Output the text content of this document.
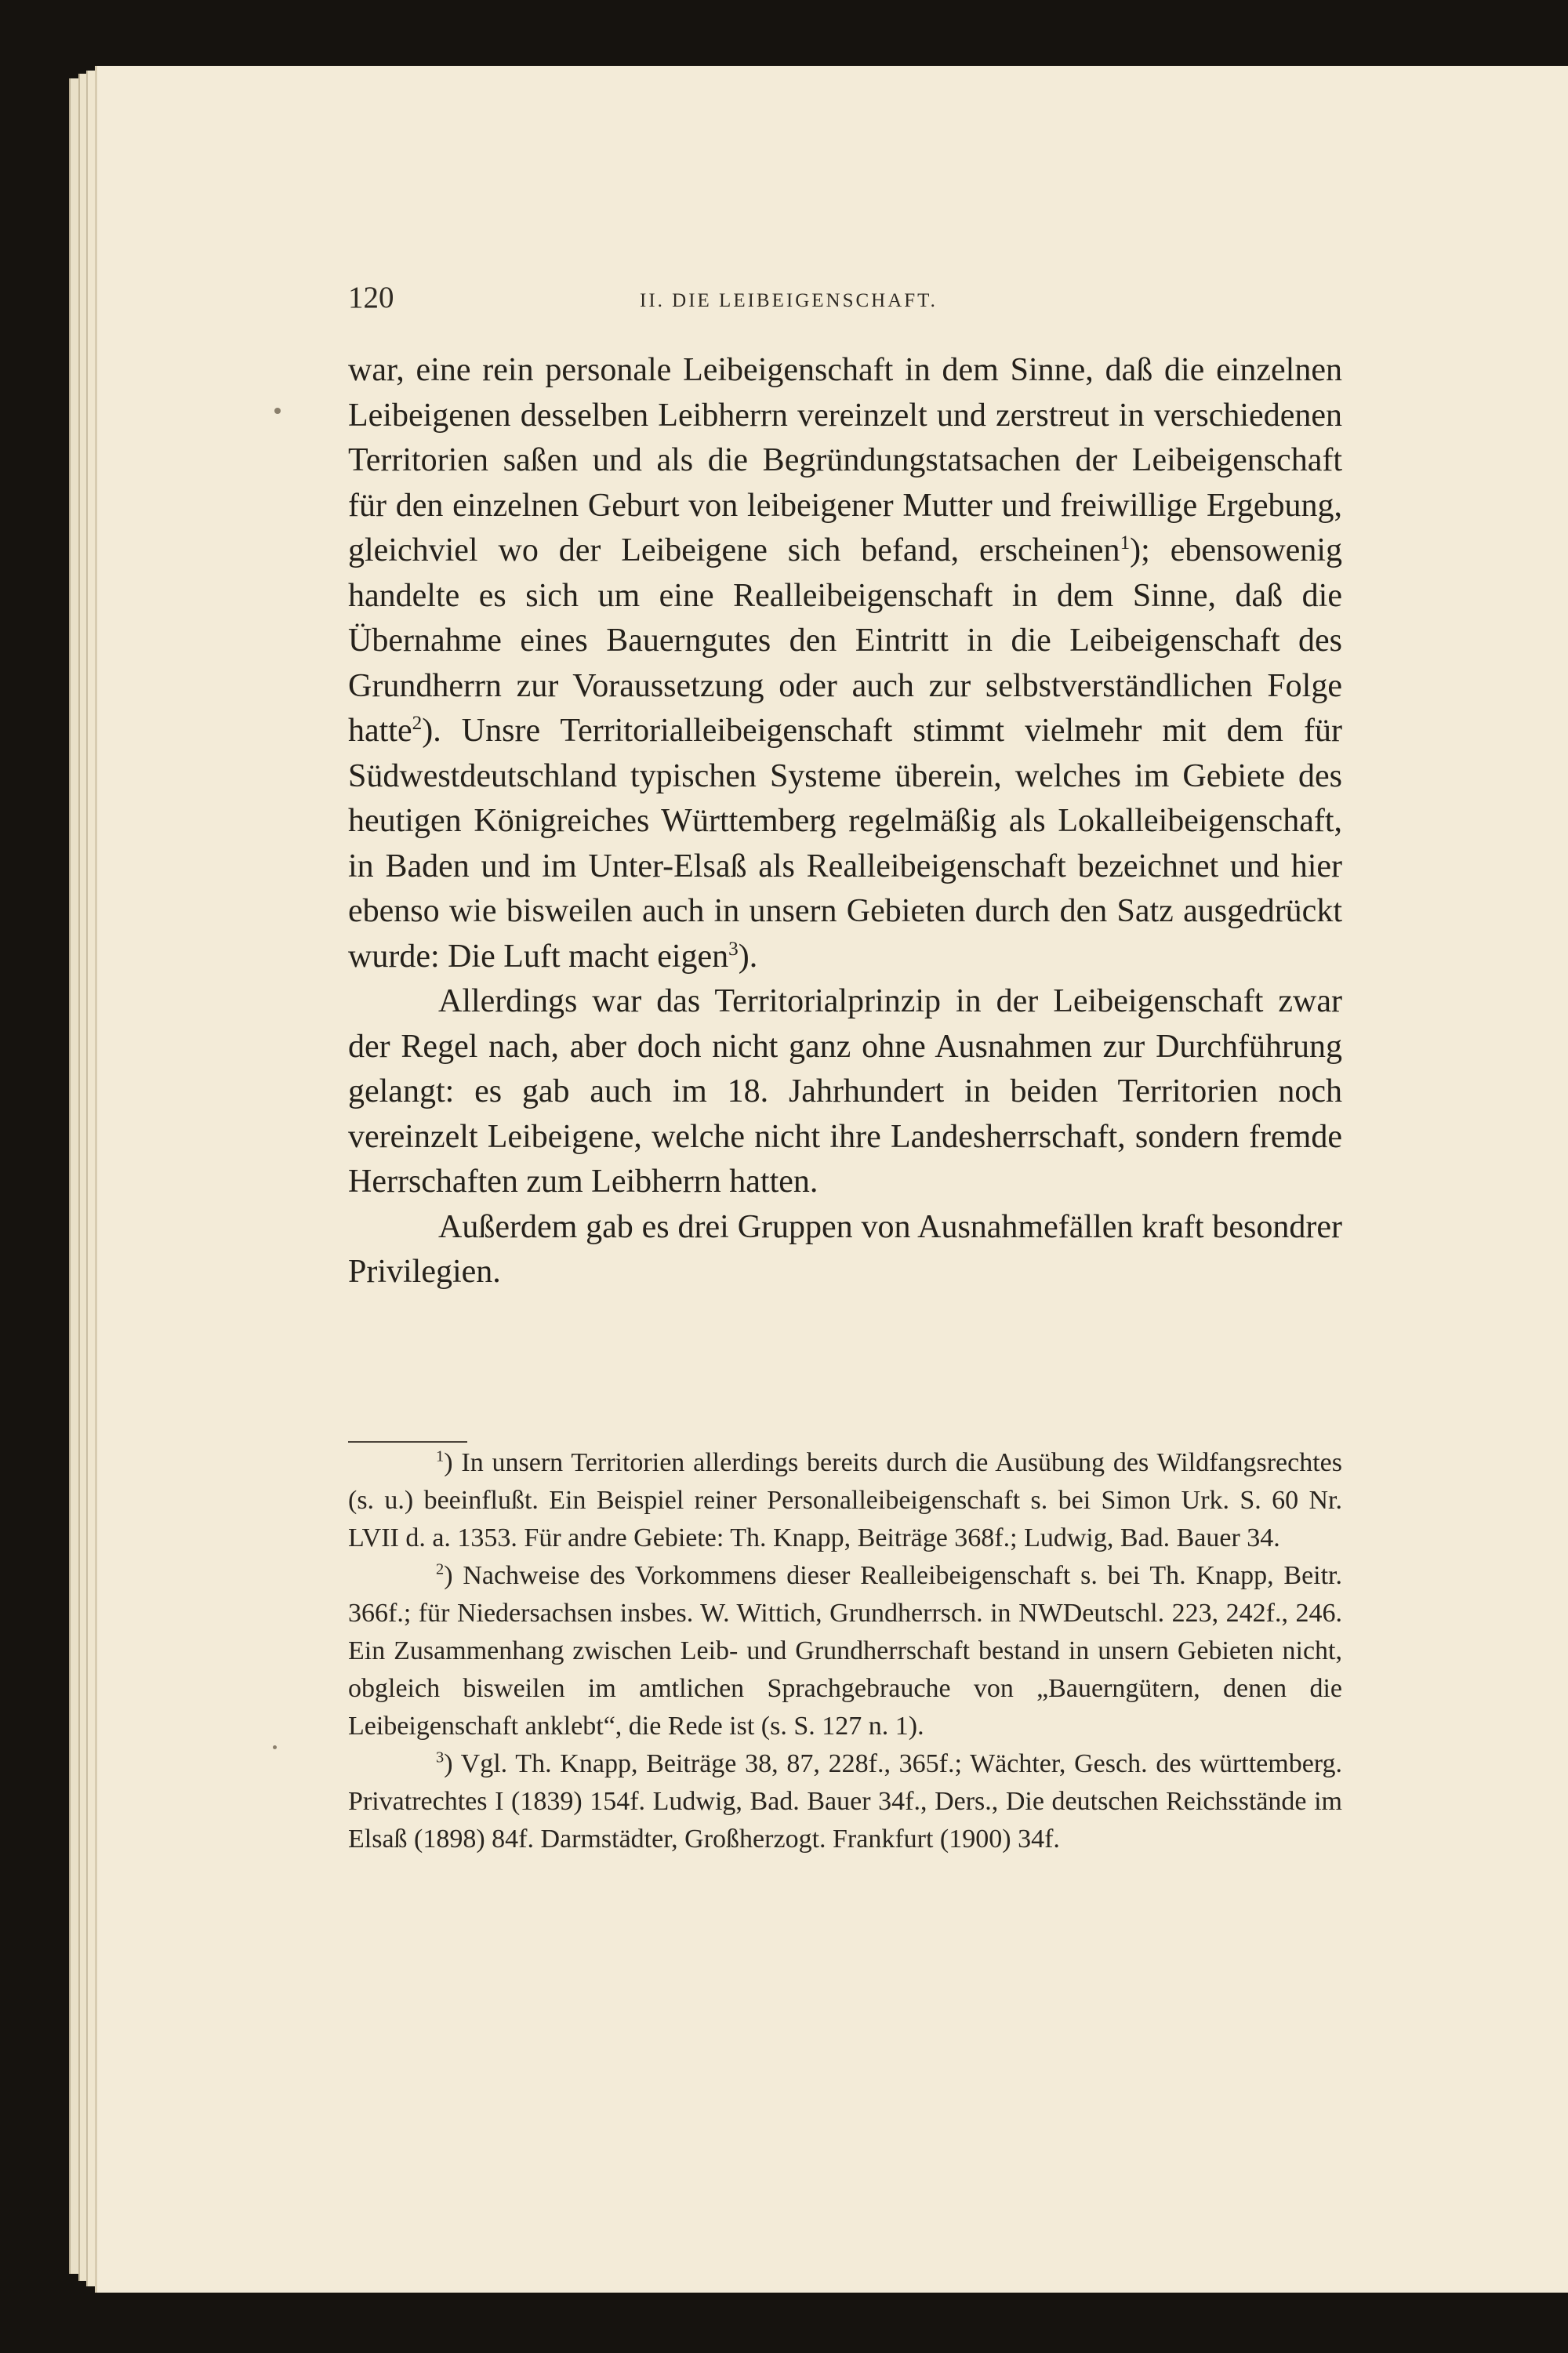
120	II. DIE LEIBEIGENSCHAFT.

war, eine rein personale Leibeigenschaft in dem Sinne, daß die einzelnen Leibeigenen desselben Leibherrn vereinzelt und zerstreut in verschiedenen Territorien saßen und als die Begründungstatsachen der Leibeigenschaft für den einzelnen Geburt von leibeigener Mutter und freiwillige Ergebung, gleichviel wo der Leibeigene sich befand, erscheinen$^1$); ebensowenig handelte es sich um eine Realleibeigenschaft in dem Sinne, daß die Übernahme eines Bauerngutes den Eintritt in die Leibeigenschaft des Grundherrn zur Voraussetzung oder auch zur selbstverständlichen Folge hatte$^2$). Unsre Territorialleibeigenschaft stimmt vielmehr mit dem für Südwestdeutschland typischen Systeme überein, welches im Gebiete des heutigen Königreiches Württemberg regelmäßig als Lokalleibeigenschaft, in Baden und im Unter-Elsaß als Realleibeigenschaft bezeichnet und hier ebenso wie bisweilen auch in unsern Gebieten durch den Satz ausgedrückt wurde: Die Luft macht eigen$^3$).

Allerdings war das Territorialprinzip in der Leibeigenschaft zwar der Regel nach, aber doch nicht ganz ohne Ausnahmen zur Durchführung gelangt: es gab auch im 18. Jahrhundert in beiden Territorien noch vereinzelt Leibeigene, welche nicht ihre Landesherrschaft, sondern fremde Herrschaften zum Leibherrn hatten.

Außerdem gab es drei Gruppen von Ausnahmefällen kraft besondrer Privilegien.

$^1$) In unsern Territorien allerdings bereits durch die Ausübung des Wildfangsrechtes (s. u.) beeinflußt. Ein Beispiel reiner Personalleibeigenschaft s. bei Simon Urk. S. 60 Nr. LVII d. a. 1353. Für andre Gebiete: Th. Knapp, Beiträge 368f.; Ludwig, Bad. Bauer 34.

$^2$) Nachweise des Vorkommens dieser Realleibeigenschaft s. bei Th. Knapp, Beitr. 366f.; für Niedersachsen insbes. W. Wittich, Grundherrsch. in NWDeutschl. 223, 242f., 246. Ein Zusammenhang zwischen Leib- und Grundherrschaft bestand in unsern Gebieten nicht, obgleich bisweilen im amtlichen Sprachgebrauche von „Bauerngütern, denen die Leibeigenschaft anklebt“, die Rede ist (s. S. 127 n. 1).

$^3$) Vgl. Th. Knapp, Beiträge 38, 87, 228f., 365f.; Wächter, Gesch. des württemberg. Privatrechtes I (1839) 154f. Ludwig, Bad. Bauer 34f., Ders., Die deutschen Reichsstände im Elsaß (1898) 84f. Darmstädter, Großherzogt. Frankfurt (1900) 34f.
